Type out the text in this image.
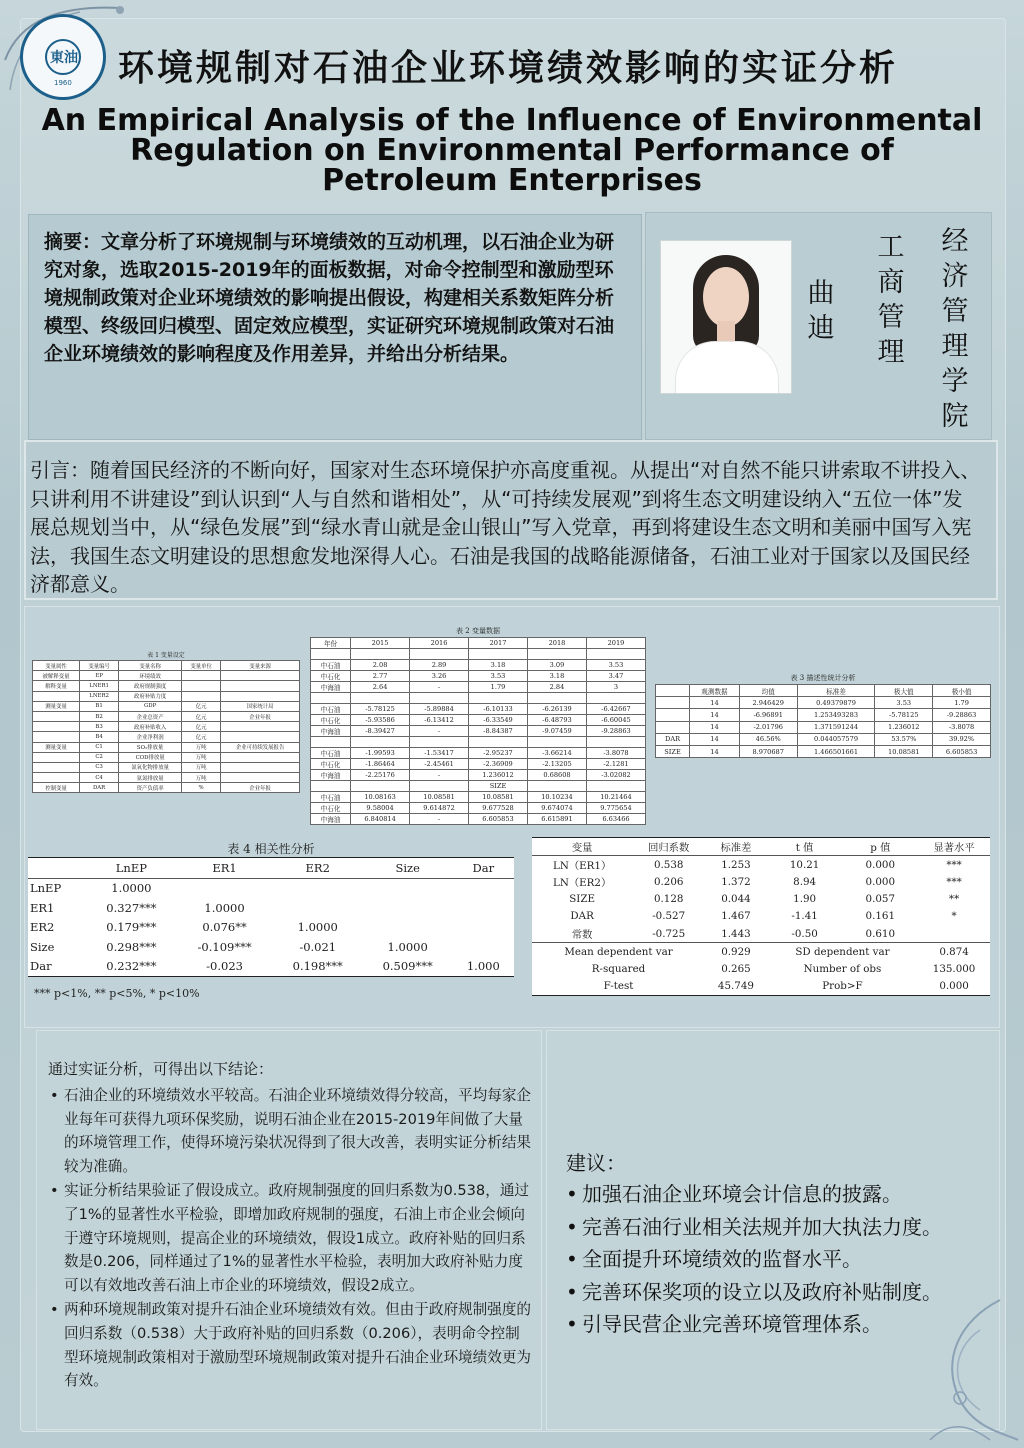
東油
1960 环境规制对石油企业环境绩效影响的实证分析
An Empirical Analysis of the Influence of Environmental
Regulation on Environmental Performance of
Petroleum Enterprises
摘要：文章分析了环境规制与环境绩效的互动机理，以石油企业为研究对象，选取2015-2019年的面板数据，对命令控制型和激励型环境规制政策对企业环境绩效的影响提出假设，构建相关系数矩阵分析模型、终级回归模型、固定效应模型，实证研究环境规制政策对石油企业环境绩效的影响程度及作用差异，并给出分析结果。
曲迪
工商管理
经济管理学院
引言：随着国民经济的不断向好，国家对生态环境保护亦高度重视。从提出“对自然不能只讲索取不讲投入、只讲利用不讲建设”到认识到“人与自然和谐相处”，从“可持续发展观”到将生态文明建设纳入“五位一体”发展总规划当中，从“绿色发展”到“绿水青山就是金山银山”写入党章，再到将建设生态文明和美丽中国写入宪法，我国生态文明建设的思想愈发地深得人心。石油是我国的战略能源储备，石油工业对于国家以及国民经济都意义。
表 1 变量设定
变量属性	变量编号	变量名称	变量单位	变量来源
被解释变量	EP	环境绩效		
解释变量	LNER1	政府规制强度		
	LNER2	政府补贴力度		
测量变量	B1	GDP	亿元	国家统计局
	B2	企业总资产	亿元	企业年报
	B3	政府补贴收入	亿元	
	B4	企业净利润	亿元	
测量变量	C1	SO₂排放量	万吨	企业可持续发展报告
	C2	COD排放量	万吨	
	C3	氮氧化物排放量	万吨	
	C4	氨氮排放量	万吨	
控制变量	DAR	资产负债率	%	企业年报
表 2 变量数据
年份	2015	2016	2017	2018	2019

中石油	2.08	2.89	3.18	3.09	3.53
中石化	2.77	3.26	3.53	3.18	3.47
中海油	2.64	-	1.79	2.84	3

中石油	-5.78125	-5.89884	-6.10133	-6.26139	-6.42667
中石化	-5.93586	-6.13412	-6.33549	-6.48793	-6.60045
中海油	-8.39427	-	-8.84387	-9.07459	-9.28863

中石油	-1.99593	-1.53417	-2.95237	-3.66214	-3.8078
中石化	-1.86464	-2.45461	-2.36909	-2.13205	-2.1281
中海油	-2.25176	-	1.236012	0.68608	-3.02082
			SIZE		
中石油	10.08163	10.08581	10.08581	10.10234	10.21464
中石化	9.58004	9.614872	9.677528	9.674074	9.775654
中海油	6.840814	-	6.605853	6.615891	6.63466
表 3 描述性统计分析
	观测数据	均值	标准差	极大值	极小值
	14	2.946429	0.49379879	3.53	1.79
	14	-6.96891	1.253493283	-5.78125	-9.28863
	14	-2.01796	1.371591244	1.236012	-3.8078
DAR	14	46.56%	0.044057579	53.57%	39.92%
SIZE	14	8.970687	1.466501661	10.08581	6.605853
表 4 相关性分析
	LnEP	ER1	ER2	Size	Dar
LnEP	1.0000				
ER1	0.327***	1.0000			
ER2	0.179***	0.076**	1.0000		
Size	0.298***	-0.109***	-0.021	1.0000	
Dar	0.232***	-0.023	0.198***	0.509***	1.000
*** p<1%, ** p<5%, * p<10%
变量	回归系数	标准差	t 值	p 值	显著水平
LN（ER1）	0.538	1.253	10.21	0.000	***
LN（ER2）	0.206	1.372	8.94	0.000	***
SIZE	0.128	0.044	1.90	0.057	**
DAR	-0.527	1.467	-1.41	0.161	*
常数	-0.725	1.443	-0.50	0.610	
Mean dependent var		0.929	SD dependent var		0.874
R-squared		0.265	Number of obs		135.000
F-test		45.749	Prob>F		0.000
通过实证分析，可得出以下结论：
• 石油企业的环境绩效水平较高。石油企业环境绩效得分较高，平均每家企业每年可获得九项环保奖励，说明石油企业在2015-2019年间做了大量的环境管理工作，使得环境污染状况得到了很大改善，表明实证分析结果较为准确。
• 实证分析结果验证了假设成立。政府规制强度的回归系数为0.538，通过了1%的显著性水平检验，即增加政府规制的强度，石油上市企业会倾向于遵守环境规则，提高企业的环境绩效，假设1成立。政府补贴的回归系数是0.206，同样通过了1%的显著性水平检验，表明加大政府补贴力度可以有效地改善石油上市企业的环境绩效，假设2成立。
• 两种环境规制政策对提升石油企业环境绩效有效。但由于政府规制强度的回归系数（0.538）大于政府补贴的回归系数（0.206），表明命令控制型环境规制政策相对于激励型环境规制政策对提升石油企业环境绩效更为有效。
建议：
• 加强石油企业环境会计信息的披露。
• 完善石油行业相关法规并加大执法力度。
• 全面提升环境绩效的监督水平。
• 完善环保奖项的设立以及政府补贴制度。
• 引导民营企业完善环境管理体系。
